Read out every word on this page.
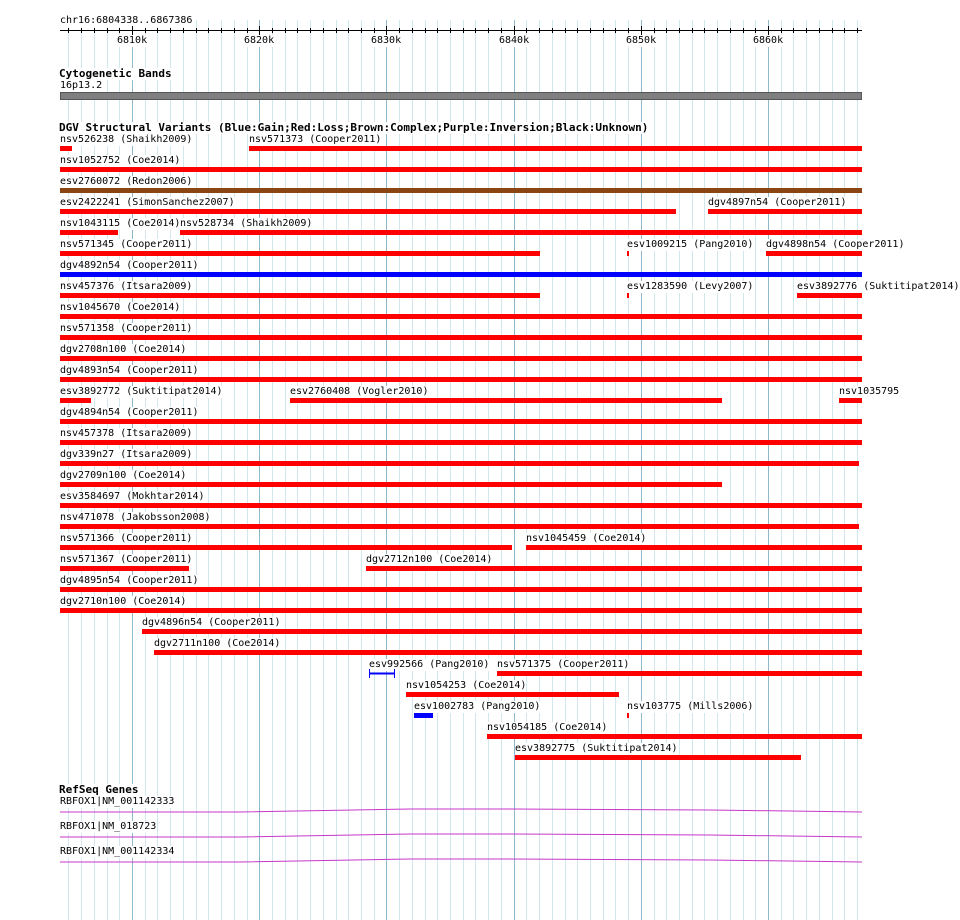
chr16:6804338..6867386
6810k	6820k	6830k	6840k	6850k	6860k
Cytogenetic Bands
16p13.2
DGV Structural Variants (Blue:Gain;Red:Loss;Brown:Complex;Purple:Inversion;Black:Unknown)
nsv526238 (Shaikh2009)	nsv571373 (Cooper2011)
nsv1052752 (Coe2014)
esv2760072 (Redon2006)
esv2422241 (SimonSanchez2007)	dgv4897n54 (Cooper2011)
nsv1043115 (Coe2014) nsv528734 (Shaikh2009)
nsv571345 (Cooper2011)	esv1009215 (Pang2010) dgv4898n54 (Cooper2011)
dgv4892n54 (Cooper2011)
nsv457376 (Itsara2009)	esv1283590 (Levy2007)	esv3892776 (Suktitipat2014)
nsv1045670 (Coe2014)
nsv571358 (Cooper2011)
dgv2708n100 (Coe2014)
dgv4893n54 (Cooper2011)
esv3892772 (Suktitipat2014)	esv2760408 (Vogler2010)	nsv1035795
dgv4894n54 (Cooper2011)
nsv457378 (Itsara2009)
dgv339n27 (Itsara2009)
dgv2709n100 (Coe2014)
esv3584697 (Mokhtar2014)
nsv471078 (Jakobsson2008)
nsv571366 (Cooper2011)	nsv1045459 (Coe2014)
nsv571367 (Cooper2011)	dgv2712n100 (Coe2014)
dgv4895n54 (Cooper2011)
dgv2710n100 (Coe2014)
dgv4896n54 (Cooper2011)
dgv2711n100 (Coe2014)
esv992566 (Pang2010) nsv571375 (Cooper2011)
nsv1054253 (Coe2014)
esv1002783 (Pang2010)	nsv103775 (Mills2006)
nsv1054185 (Coe2014)
esv3892775 (Suktitipat2014)
RefSeq Genes
RBFOX1|NM_001142333
RBFOX1|NM_018723
RBFOX1|NM_001142334
